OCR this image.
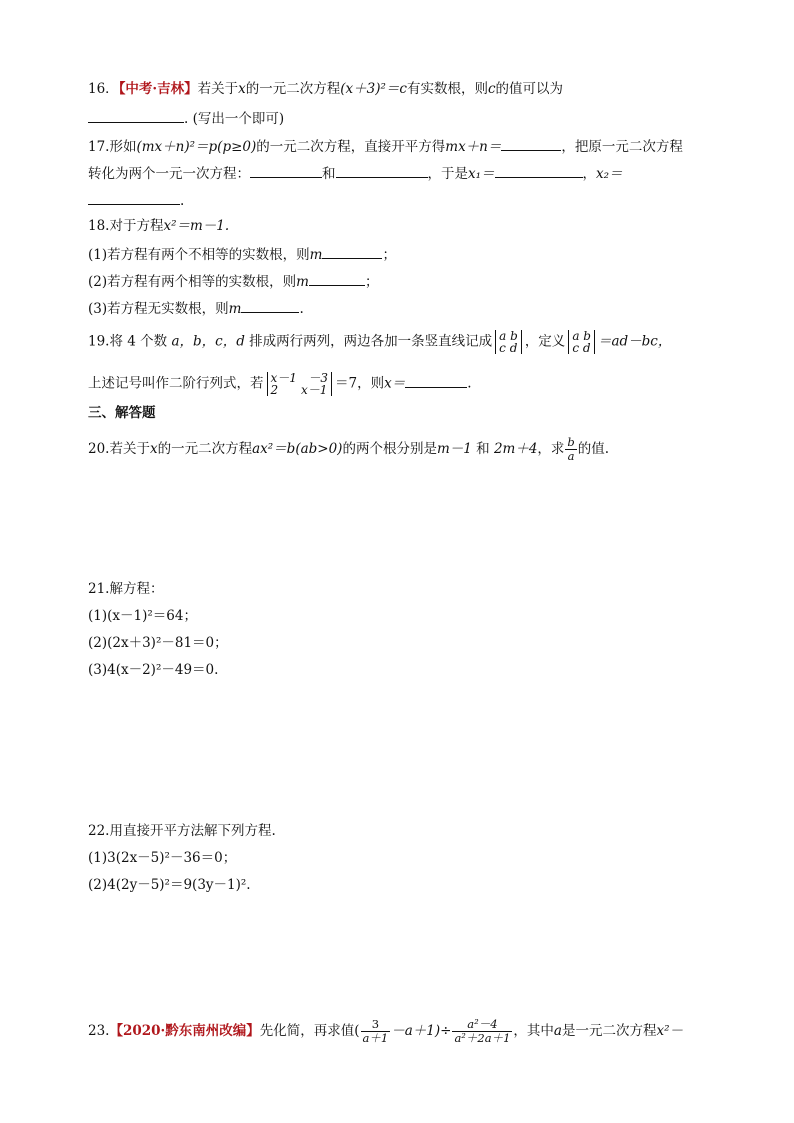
16．【中考·吉林】若关于x的一元二次方程(x＋3)²＝c有实数根，则c的值可以为
. (写出一个即可)
17.形如(mx＋n)²＝p(p≥0)的一元二次方程，直接开平方得mx＋n＝	，把原一元二次方程
转化为两个一元一次方程：	和	，于是x₁＝	，x₂＝
.
18.对于方程x²＝m－1.
(1)若方程有两个不相等的实数根，则m	；
(2)若方程有两个相等的实数根，则m	；
(3)若方程无实数根，则m	.
19.将 4 个数 a，b，c，d 排成两行两列，两边各加一条竖直线记成 a b
c d ，定义 a b
c d ＝ad－bc，
上述记号叫作二阶行列式，若 x－1   －3
2      x－1 ＝7，则x＝	.
三、解答题
20.若关于x的一元二次方程ax²＝b(ab>0)的两个根分别是m－1 和 2m＋4，求 $\frac{b}{a}$ 的值.
21.解方程：
(1)(x－1)²＝64；
(2)(2x＋3)²－81＝0；
(3)4(x－2)²－49＝0.
22.用直接开平方法解下列方程.
(1)3(2x－5)²－36＝0；
(2)4(2y－5)²＝9(3y－1)².
23.【2020·黔东南州改编】先化简，再求值( $\frac{3}{a+1} -a+1)\div \frac{\text{a²－4}}{\text{a²＋2a＋1}}$ ，其中a是一元二次方程x²－
